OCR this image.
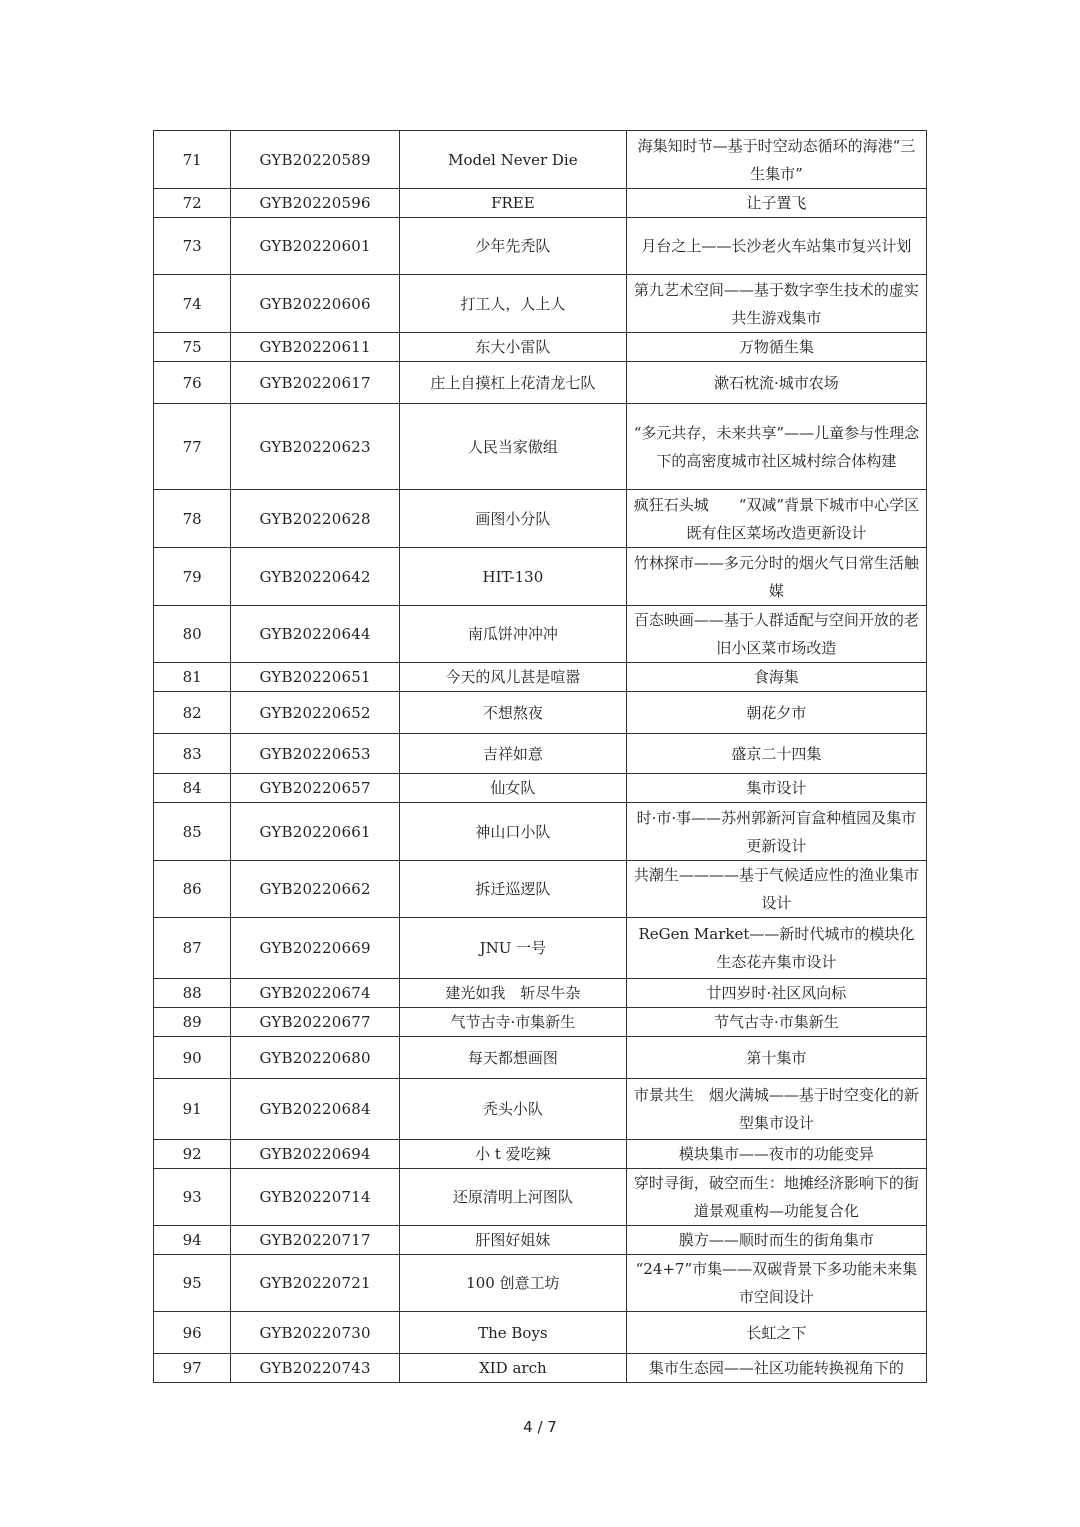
71	GYB20220589	Model Never Die	海集知时节—基于时空动态循环的海港“三生集市”
72	GYB20220596	FREE	让子置飞
73	GYB20220601	少年先秃队	月台之上——长沙老火车站集市复兴计划
74	GYB20220606	打工人，人上人	第九艺术空间——基于数字孪生技术的虚实共生游戏集市
75	GYB20220611	东大小雷队	万物循生集
76	GYB20220617	庄上自摸杠上花清龙七队	漱石枕流·城市农场
77	GYB20220623	人民当家傲组	“多元共存，未来共享”——儿童参与性理念下的高密度城市社区城村综合体构建
78	GYB20220628	画图小分队	疯狂石头城　　“双减”背景下城市中心学区既有住区菜场改造更新设计
79	GYB20220642	HIT-130	竹林探市——多元分时的烟火气日常生活触媒
80	GYB20220644	南瓜饼冲冲冲	百态映画——基于人群适配与空间开放的老旧小区菜市场改造
81	GYB20220651	今天的风儿甚是喧嚣	食海集
82	GYB20220652	不想熬夜	朝花夕市
83	GYB20220653	吉祥如意	盛京二十四集
84	GYB20220657	仙女队	集市设计
85	GYB20220661	神山口小队	时·市·事——苏州郭新河盲盒种植园及集市更新设计
86	GYB20220662	拆迁巡逻队	共潮生————基于气候适应性的渔业集市设计
87	GYB20220669	JNU 一号	ReGen Market——新时代城市的模块化生态花卉集市设计
88	GYB20220674	建光如我　斩尽牛杂	廿四岁时·社区风向标
89	GYB20220677	气节古寺·市集新生	节气古寺·市集新生
90	GYB20220680	每天都想画图	第十集市
91	GYB20220684	秃头小队	市景共生　烟火满城——基于时空变化的新型集市设计
92	GYB20220694	小 t 爱吃辣	模块集市——夜市的功能变异
93	GYB20220714	还原清明上河图队	穿时寻街，破空而生：地摊经济影响下的街道景观重构—功能复合化
94	GYB20220717	肝图好姐妹	膜方——顺时而生的街角集市
95	GYB20220721	100 创意工坊	“24+7”市集——双碳背景下多功能未来集市空间设计
96	GYB20220730	The Boys	长虹之下
97	GYB20220743	XID arch	集市生态园——社区功能转换视角下的
4 / 7
